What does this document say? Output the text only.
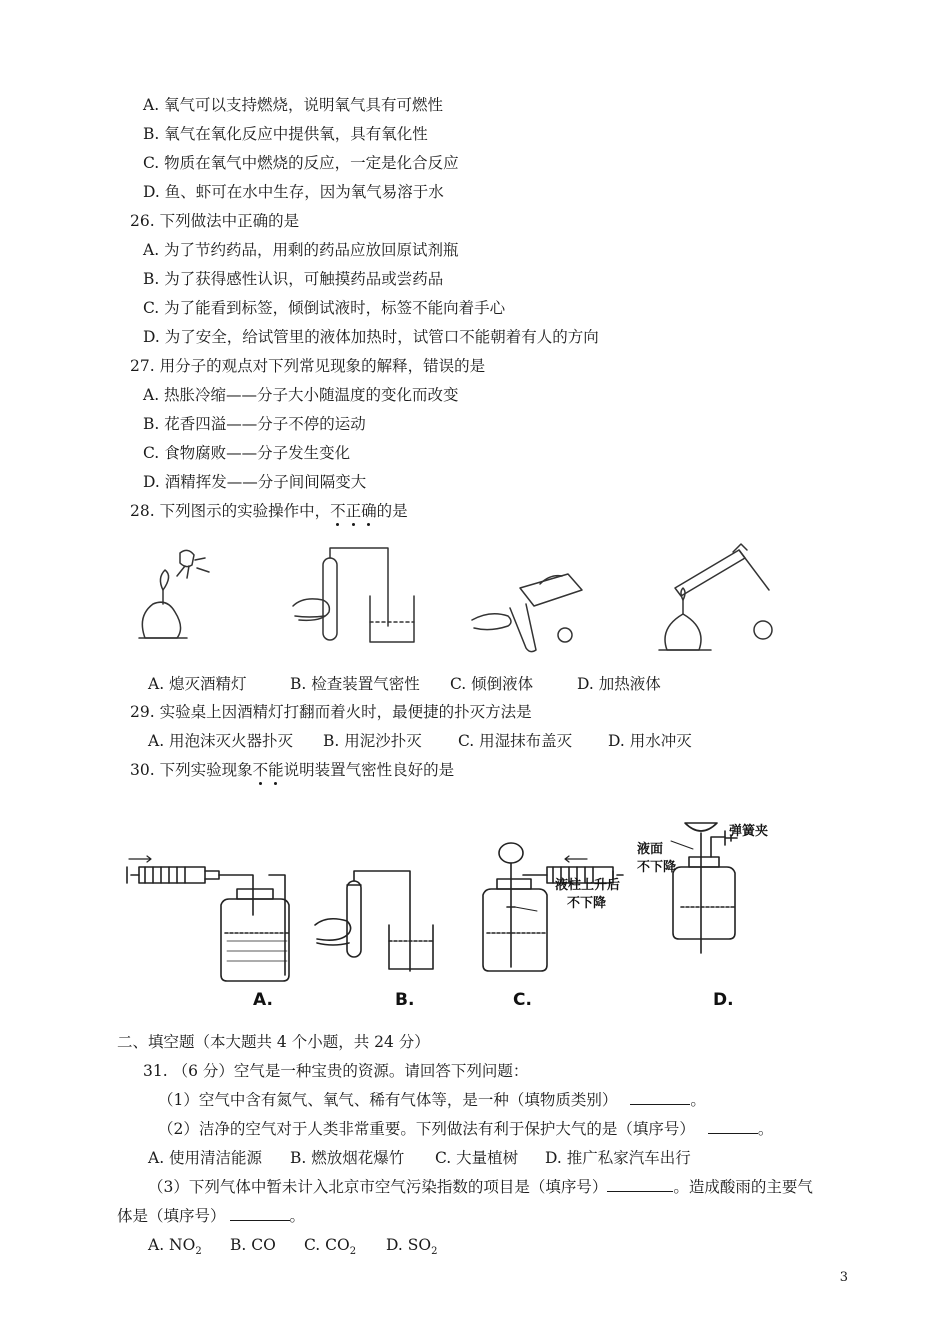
A. 氧气可以支持燃烧，说明氧气具有可燃性
B. 氧气在氧化反应中提供氧，具有氧化性
C. 物质在氧气中燃烧的反应，一定是化合反应
D. 鱼、虾可在水中生存，因为氧气易溶于水
26. 下列做法中正确的是
A. 为了节约药品，用剩的药品应放回原试剂瓶
B. 为了获得感性认识，可触摸药品或尝药品
C. 为了能看到标签，倾倒试液时，标签不能向着手心
D. 为了安全，给试管里的液体加热时，试管口不能朝着有人的方向
27. 用分子的观点对下列常见现象的解释，错误的是
A. 热胀冷缩——分子大小随温度的变化而改变
B. 花香四溢——分子不停的运动
C. 食物腐败——分子发生变化
D. 酒精挥发——分子间间隔变大
28. 下列图示的实验操作中，不正确的是
A. 熄灭酒精灯	B. 检查装置气密性 C. 倾倒液体	D. 加热液体
29. 实验桌上因酒精灯打翻而着火时，最便捷的扑灭方法是
A. 用泡沫灭火器扑灭 B. 用泥沙扑灭 C. 用湿抹布盖灭 D. 用水冲灭
30. 下列实验现象不能说明装置气密性良好的是
液柱上升后
不下降
液面
不下降
弹簧夹
A.	B.	C.	D.
二、填空题（本大题共 4 个小题，共 24 分）
31. （6 分）空气是一种宝贵的资源。请回答下列问题：
（1）空气中含有氮气、氧气、稀有气体等，是一种（填物质类别）	。
（2）洁净的空气对于人类非常重要。下列做法有利于保护大气的是（填序号）	。
A. 使用清洁能源 B. 燃放烟花爆竹 C. 大量植树 D. 推广私家汽车出行
（3）下列气体中暂未计入北京市空气污染指数的项目是（填序号）	。造成酸雨的主要气
体是（填序号）	。
A. $NO_2$ B. CO C. $CO_2$ D. $SO_2$
3
